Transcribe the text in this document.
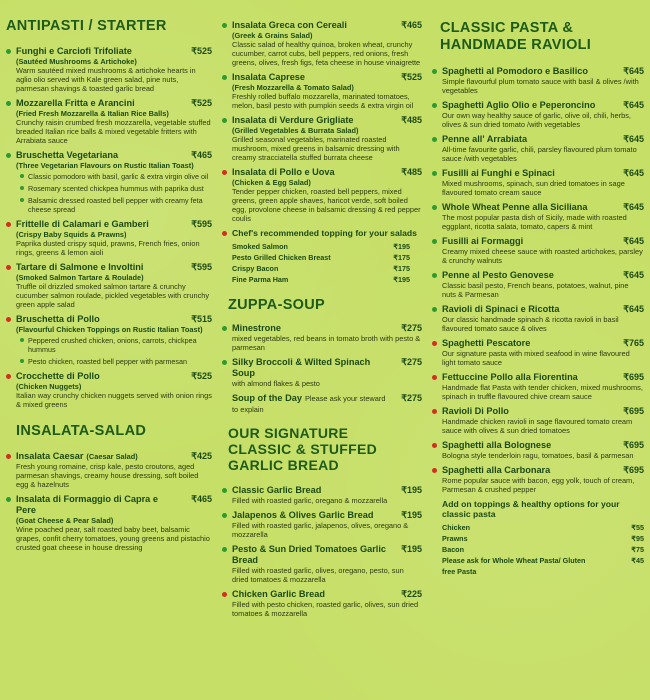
ANTIPASTI / STARTER
Funghi e Carciofi Trifoliate
(Sautéed Mushrooms & Artichoke)
₹525
Warm sautéed mixed mushrooms & artichoke hearts in aglio olio served with Kale green salad, pine nuts, parmesan shavings & toasted garlic bread
Mozzarella Fritta e Arancini
(Fried Fresh Mozzarella & Italian Rice Balls)
₹525
Crunchy raisin crumbed fresh mozzarella, vegetable stuffed breaded Italian rice balls & mixed vegetable fritters with Arrabiata sauce
Bruschetta Vegetariana
(Three Vegetarian Flavours on Rustic Italian Toast)
₹465
Classic pomodoro with basil, garlic & extra virgin olive oil
Rosemary scented chickpea hummus with paprika dust
Balsamic dressed roasted bell pepper with creamy feta cheese spread
Frittelle di Calamari e Gamberi
(Crispy Baby Squids & Prawns)
₹595
Paprika dusted crispy squid, prawns, French fries, onion rings, greens & lemon aioli
Tartare di Salmone e Involtini
(Smoked Salmon Tartare & Roulade)
₹595
Truffle oil drizzled smoked salmon tartare & crunchy cucumber salmon roulade, pickled vegetables with crunchy green apple salad
Bruschetta di Pollo
(Flavourful Chicken Toppings on Rustic Italian Toast)
₹515
Peppered crushed chicken, onions, carrots, chickpea hummus
Pesto chicken, roasted bell pepper with parmesan
Crocchette di Pollo
(Chicken Nuggets)
₹525
Italian way crunchy chicken nuggets served with onion rings & mixed greens
INSALATA-SALAD
Insalata Caesar (Caesar Salad)	₹425
Fresh young romaine, crisp kale, pesto croutons, aged parmesan shavings, creamy house dressing, soft boiled egg & hazelnuts
Insalata di Formaggio di Capra e Pere
(Goat Cheese & Pear Salad)
₹465
Wine poached pear, salt roasted baby beet, balsamic grapes, confit cherry tomatoes, young greens and pistachio crusted goat cheese in house dressing
Insalata Greca con Cereali
(Greek & Grains Salad)
₹465
Classic salad of healthy quinoa, broken wheat, crunchy cucumber, carrot cubs, bell peppers, red onions, fresh greens, olives, fresh figs, feta cheese in house vinaigrette
Insalata Caprese
(Fresh Mozzarella & Tomato Salad)
₹525
Freshly rolled buffalo mozzarella, marinated tomatoes, melon, basil pesto with pumpkin seeds & extra virgin oil
Insalata di Verdure Grigliate
(Grilled Vegetables & Burrata Salad)
₹485
Grilled seasonal vegetables, marinated roasted mushroom, mixed greens in balsamic dressing with creamy stracciatella stuffed burrata cheese
Insalata di Pollo e Uova
(Chicken & Egg Salad)
₹485
Tender pepper chicken, roasted bell peppers, mixed greens, green apple shaves, haricot verde, soft boiled egg, provolone cheese in balsamic dressing & red pepper coulis
Chef's recommended topping for your salads
Smoked Salmon	₹195
Pesto Grilled Chicken Breast	₹175
Crispy Bacon	₹175
Fine Parma Ham	₹195
ZUPPA-SOUP
Minestrone	₹275
mixed vegetables, red beans in tomato broth with pesto & parmesan
Silky Broccoli & Wilted Spinach Soup
₹275
with almond flakes & pesto
Soup of the Day Please ask your steward to explain
₹275
OUR SIGNATURE CLASSIC & STUFFED GARLIC BREAD
Classic Garlic Bread	₹195
Filled with roasted garlic, oregano & mozzarella
Jalapenos & Olives Garlic Bread	₹195
Filled with roasted garlic, jalapenos, olives, oregano & mozzarella
Pesto & Sun Dried Tomatoes Garlic Bread
₹195
Filled with roasted garlic, olives, oregano, pesto, sun dried tomatoes & mozzarella
Chicken Garlic Bread	₹225
Filled with pesto chicken, roasted garlic, olives, sun dried tomatoes & mozzarella
CLASSIC PASTA & HANDMADE RAVIOLI
Spaghetti al Pomodoro e Basilico	₹645
Simple flavourful plum tomato sauce with basil & olives /with vegetables
Spaghetti Aglio Olio e Peperoncino	₹645
Our own way healthy sauce of garlic, olive oil, chili, herbs, olives & sun dried tomato /with vegetables
Penne all' Arrabiata	₹645
All-time favourite garlic, chili, parsley flavoured plum tomato sauce /with vegetables
Fusilli ai Funghi e Spinaci	₹645
Mixed mushrooms, spinach, sun dried tomatoes in sage flavoured tomato cream sauce
Whole Wheat Penne alla Siciliana	₹645
The most popular pasta dish of Sicily, made with roasted eggplant, ricotta salata, tomato, capers & mint
Fusilli ai Formaggi	₹645
Creamy mixed cheese sauce with roasted artichokes, parsley & crunchy walnuts
Penne al Pesto Genovese	₹645
Classic basil pesto, French beans, potatoes, walnut, pine nuts & Parmesan
Ravioli di Spinaci e Ricotta	₹645
Our classic handmade spinach & ricotta ravioli in basil flavoured tomato sauce & olives
Spaghetti Pescatore	₹765
Our signature pasta with mixed seafood in wine flavoured light tomato sauce
Fettuccine Pollo alla Fiorentina	₹695
Handmade flat Pasta with tender chicken, mixed mushrooms, spinach in truffle flavoured chive cream sauce
Ravioli Di Pollo	₹695
Handmade chicken ravioli in sage flavoured tomato cream sauce with olives & sun dried tomatoes
Spaghetti alla Bolognese	₹695
Bologna style tenderloin ragu, tomatoes, basil & parmesan
Spaghetti alla Carbonara	₹695
Rome popular sauce with bacon, egg yolk, touch of cream, Parmesan & crushed pepper
Add on toppings & healthy options for your classic pasta
Chicken	₹55
Prawns	₹95
Bacon	₹75
Please ask for Whole Wheat Pasta/ Gluten free Pasta
₹45
